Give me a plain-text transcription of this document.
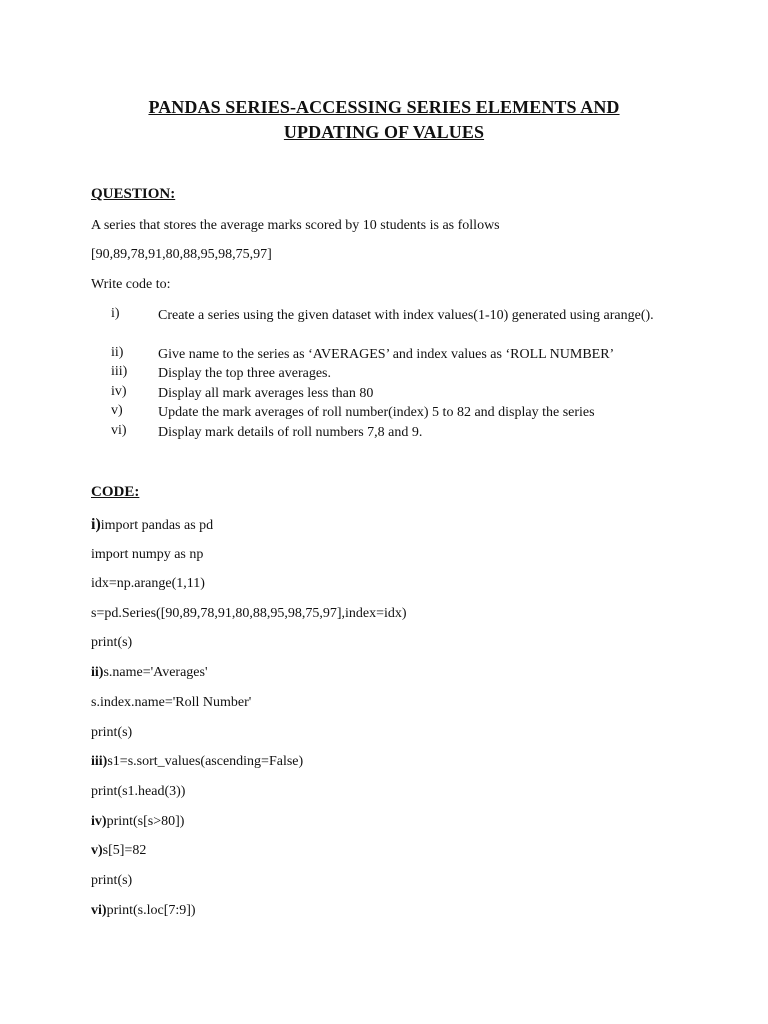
PANDAS SERIES-ACCESSING SERIES ELEMENTS AND
UPDATING OF VALUES
QUESTION:
A series that stores the average marks scored by 10 students is as follows
[90,89,78,91,80,88,95,98,75,97]
Write code to:
i)	Create a series using the given dataset with index values(1-10) generated using arange().
ii) Give name to the series as ‘AVERAGES’ and index values as ‘ROLL NUMBER’
iii) Display the top three averages.
iv) Display all mark averages less than 80
v)	Update the mark averages of roll number(index) 5 to 82 and display the series
vi) Display mark details of roll numbers 7,8 and 9.
CODE:
i)import pandas as pd
import numpy as np
idx=np.arange(1,11)
s=pd.Series([90,89,78,91,80,88,95,98,75,97],index=idx)
print(s)
ii)s.name='Averages'
s.index.name='Roll Number'
print(s)
iii)s1=s.sort_values(ascending=False)
print(s1.head(3))
iv)print(s[s>80])
v)s[5]=82
print(s)
vi)print(s.loc[7:9])
